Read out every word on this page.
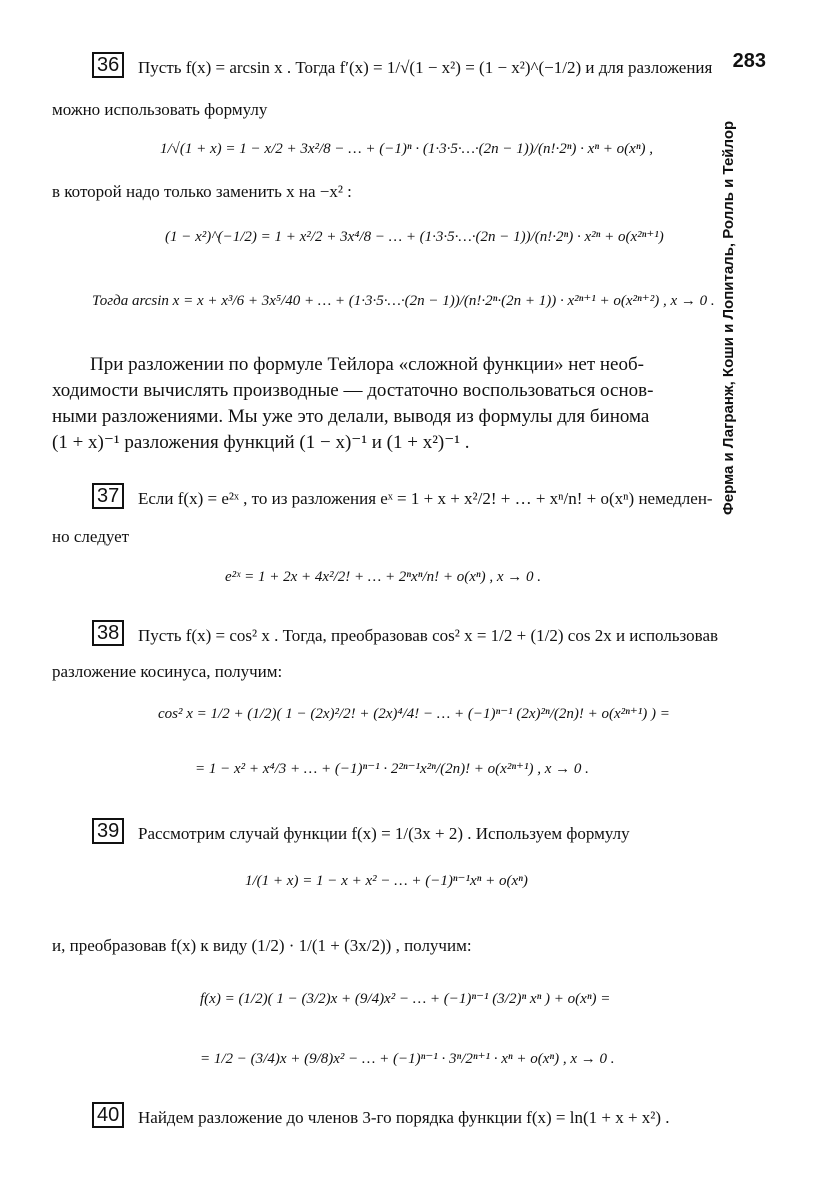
283
Ферма и Лагранж, Коши и Лопиталь, Ролль и Тейлор
36 Пусть f(x) = arcsin x . Тогда f′(x) = 1/√(1 − x²) = (1 − x²)^(−1/2) и для разложения
можно использовать формулу
1/√(1 + x) = 1 − x/2 + 3x²/8 − … + (−1)ⁿ · (1·3·5·…·(2n − 1))/(n!·2ⁿ) · xⁿ + o(xⁿ) ,
в которой надо только заменить x на −x² :
(1 − x²)^(−1/2) = 1 + x²/2 + 3x⁴/8 − … + (1·3·5·…·(2n − 1))/(n!·2ⁿ) · x²ⁿ + o(x²ⁿ⁺¹)
Тогда arcsin x = x + x³/6 + 3x⁵/40 + … + (1·3·5·…·(2n − 1))/(n!·2ⁿ·(2n + 1)) · x²ⁿ⁺¹ + o(x²ⁿ⁺²) , x → 0 .
При разложении по формуле Тейлора «сложной функции» нет необ-
ходимости вычислять производные — достаточно воспользоваться основ-
ными разложениями. Мы уже это делали, выводя из формулы для бинома
(1 + x)⁻¹ разложения функций (1 − x)⁻¹ и (1 + x²)⁻¹ .
37 Если f(x) = e²ˣ , то из разложения eˣ = 1 + x + x²/2! + … + xⁿ/n! + o(xⁿ) немедлен-
но следует
e²ˣ = 1 + 2x + 4x²/2! + … + 2ⁿxⁿ/n! + o(xⁿ) , x → 0 .
38 Пусть f(x) = cos² x . Тогда, преобразовав cos² x = 1/2 + (1/2) cos 2x и использовав
разложение косинуса, получим:
cos² x = 1/2 + (1/2)( 1 − (2x)²/2! + (2x)⁴/4! − … + (−1)ⁿ⁻¹ (2x)²ⁿ/(2n)! + o(x²ⁿ⁺¹) ) =
= 1 − x² + x⁴/3 + … + (−1)ⁿ⁻¹ · 2²ⁿ⁻¹x²ⁿ/(2n)! + o(x²ⁿ⁺¹) , x → 0 .
39 Рассмотрим случай функции f(x) = 1/(3x + 2) . Используем формулу
1/(1 + x) = 1 − x + x² − … + (−1)ⁿ⁻¹xⁿ + o(xⁿ)
и, преобразовав f(x) к виду (1/2) · 1/(1 + (3x/2)) , получим:
f(x) = (1/2)( 1 − (3/2)x + (9/4)x² − … + (−1)ⁿ⁻¹ (3/2)ⁿ xⁿ ) + o(xⁿ) =
= 1/2 − (3/4)x + (9/8)x² − … + (−1)ⁿ⁻¹ · 3ⁿ/2ⁿ⁺¹ · xⁿ + o(xⁿ) , x → 0 .
40 Найдем разложение до членов 3-го порядка функции f(x) = ln(1 + x + x²) .
